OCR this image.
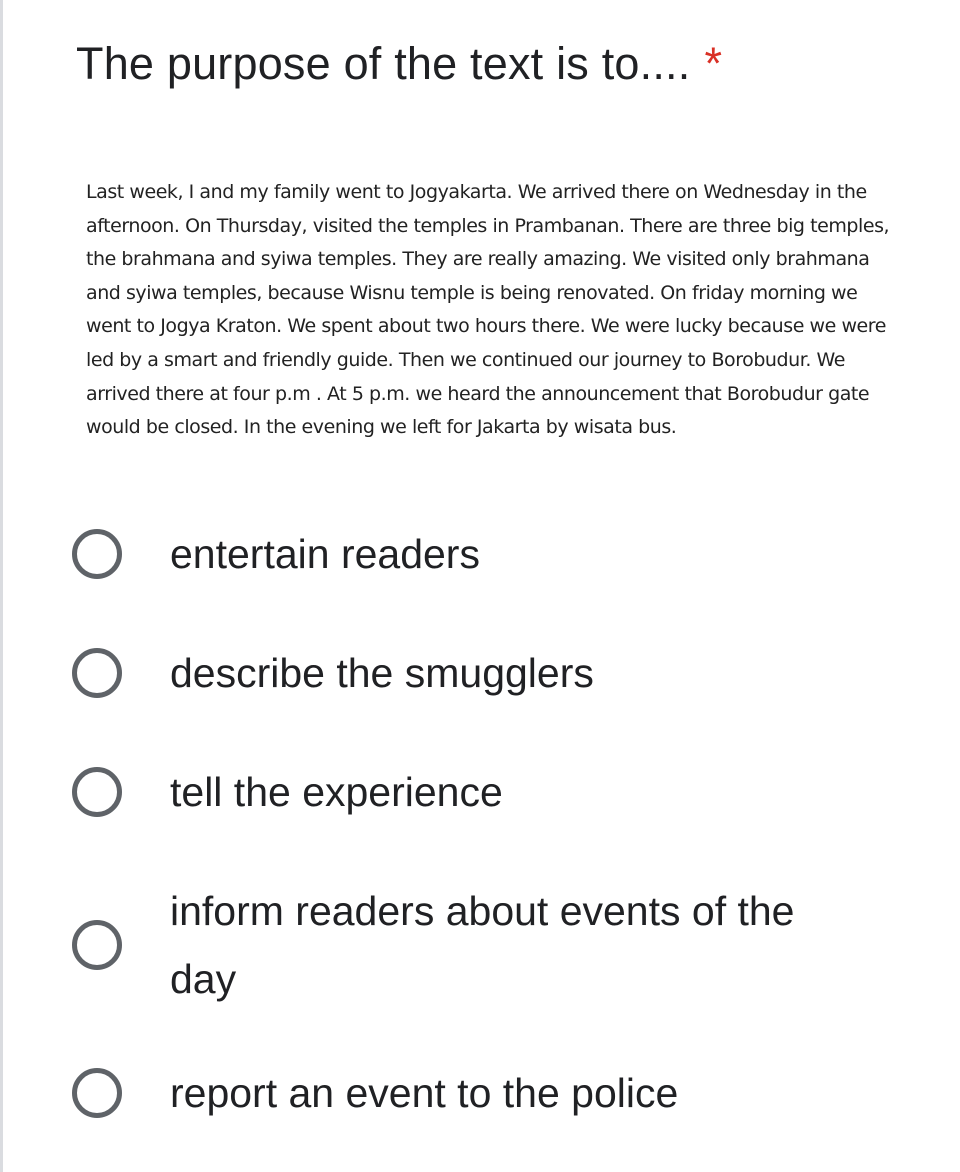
The purpose of the text is to.... *

Last week, I and my family went to Jogyakarta. We arrived there on Wednesday in the afternoon. On Thursday, visited the temples in Prambanan. There are three big temples, the brahmana and syiwa temples. They are really amazing. We visited only brahmana and syiwa temples, because Wisnu temple is being renovated. On friday morning we went to Jogya Kraton. We spent about two hours there. We were lucky because we were led by a smart and friendly guide. Then we continued our journey to Borobudur. We arrived there at four p.m . At 5 p.m. we heard the announcement that Borobudur gate would be closed. In the evening we left for Jakarta by wisata bus.

entertain readers
describe the smugglers
tell the experience
inform readers about events of the day
report an event to the police
